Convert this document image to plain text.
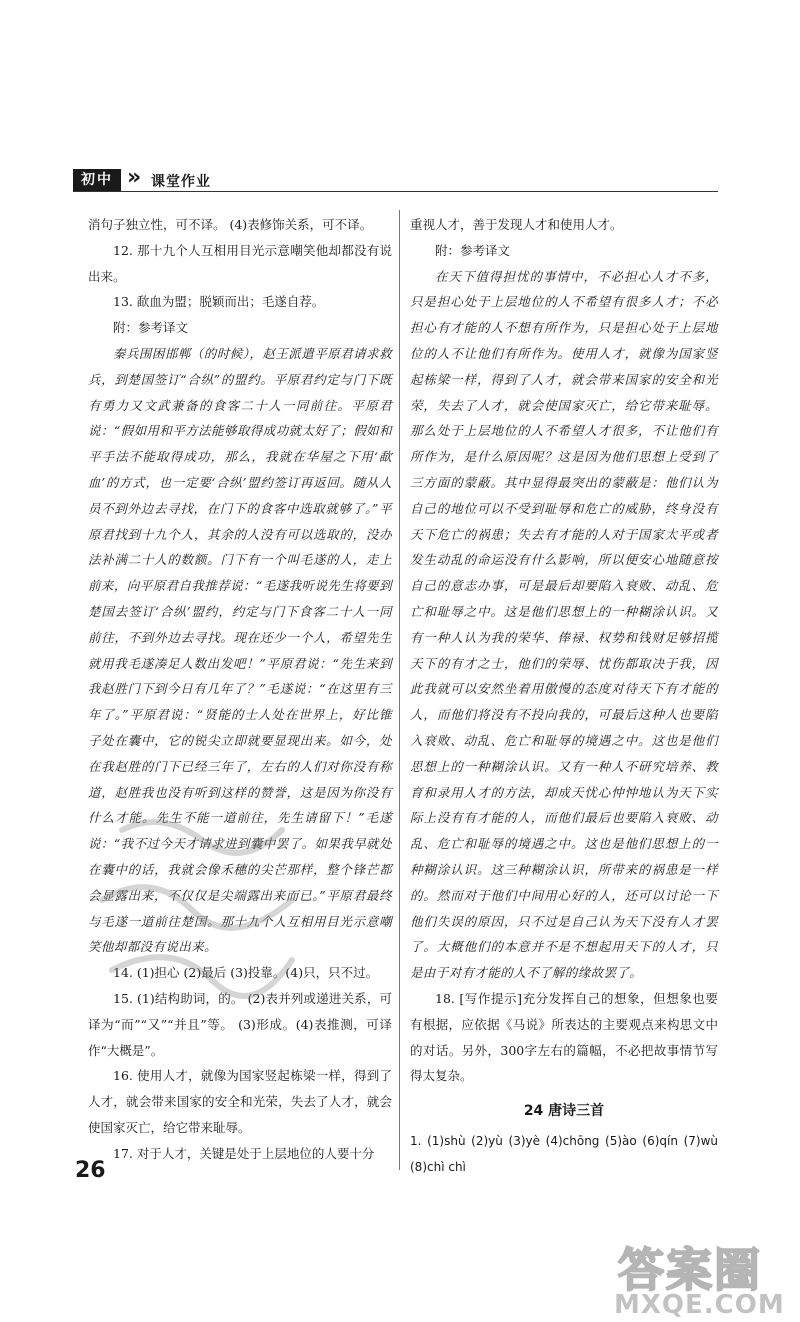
初中 » 课堂作业

消句子独立性，可不译。 (4)表修饰关系，可不译。

12. 那十九个人互相用目光示意嘲笑他却都没有说出来。

13. 歃血为盟；脱颖而出；毛遂自荐。

附：参考译文

秦兵围困邯郸（的时候），赵王派遣平原君请求救兵，到楚国签订“合纵”的盟约。平原君约定与门下既有勇力又文武兼备的食客二十人一同前往。平原君说：“假如用和平方法能够取得成功就太好了；假如和平手法不能取得成功，那么，我就在华屋之下用‘歃血’的方式，也一定要‘合纵’盟约签订再返回。随从人员不到外边去寻找，在门下的食客中选取就够了。”平原君找到十九个人，其余的人没有可以选取的，没办法补满二十人的数额。门下有一个叫毛遂的人，走上前来，向平原君自我推荐说：“毛遂我听说先生将要到楚国去签订‘合纵’盟约，约定与门下食客二十人一同前往，不到外边去寻找。现在还少一个人，希望先生就用我毛遂凑足人数出发吧！”平原君说：“先生来到我赵胜门下到今日有几年了？”毛遂说：“在这里有三年了。”平原君说：“贤能的士人处在世界上，好比锥子处在囊中，它的锐尖立即就要显现出来。如今，处在我赵胜的门下已经三年了，左右的人们对你没有称道，赵胜我也没有听到这样的赞誉，这是因为你没有什么才能。先生不能一道前往，先生请留下！”毛遂说：“我不过今天才请求进到囊中罢了。如果我早就处在囊中的话，我就会像禾穗的尖芒那样，整个锋芒都会显露出来，不仅仅是尖端露出来而已。”平原君最终与毛遂一道前往楚国。那十九个人互相用目光示意嘲笑他却都没有说出来。

14. (1)担心 (2)最后 (3)投靠。(4)只，只不过。

15. (1)结构助词，的。 (2)表并列或递进关系，可译为“而”“又”“并且”等。 (3)形成。(4)表推测，可译作“大概是”。

16. 使用人才，就像为国家竖起栋梁一样，得到了人才，就会带来国家的安全和光荣，失去了人才，就会使国家灭亡，给它带来耻辱。

17. 对于人才，关键是处于上层地位的人要十分

重视人才，善于发现人才和使用人才。

附：参考译文

在天下值得担忧的事情中，不必担心人才不多，只是担心处于上层地位的人不希望有很多人才；不必担心有才能的人不想有所作为，只是担心处于上层地位的人不让他们有所作为。使用人才，就像为国家竖起栋梁一样，得到了人才，就会带来国家的安全和光荣，失去了人才，就会使国家灭亡，给它带来耻辱。那么处于上层地位的人不希望人才很多，不让他们有所作为，是什么原因呢？这是因为他们思想上受到了三方面的蒙蔽。其中显得最突出的蒙蔽是：他们认为自己的地位可以不受到耻辱和危亡的威胁，终身没有天下危亡的祸患；失去有才能的人对于国家太平或者发生动乱的命运没有什么影响，所以便安心地随意按自己的意志办事，可是最后却要陷入衰败、动乱、危亡和耻辱之中。这是他们思想上的一种糊涂认识。又有一种人认为我的荣华、俸禄、权势和钱财足够招揽天下的有才之士，他们的荣辱、忧伤都取决于我，因此我就可以安然坐着用傲慢的态度对待天下有才能的人，而他们将没有不投向我的，可最后这种人也要陷入衰败、动乱、危亡和耻辱的境遇之中。这也是他们思想上的一种糊涂认识。又有一种人不研究培养、教育和录用人才的方法，却成天忧心忡忡地认为天下实际上没有有才能的人，而他们最后也要陷入衰败、动乱、危亡和耻辱的境遇之中。这也是他们思想上的一种糊涂认识。这三种糊涂认识，所带来的祸患是一样的。然而对于他们中间用心好的人，还可以讨论一下他们失误的原因，只不过是自己认为天下没有人才罢了。大概他们的本意并不是不想起用天下的人才，只是由于对有才能的人不了解的缘故罢了。

18. [写作提示]充分发挥自己的想象，但想象也要有根据，应依据《马说》所表达的主要观点来构思文中的对话。另外，300字左右的篇幅，不必把故事情节写得太复杂。

24 唐诗三首

1. (1)shù (2)yù (3)yè (4)chōng (5)ào (6)qín (7)wù (8)chì chì

26
答案圈
MXQE.COM
